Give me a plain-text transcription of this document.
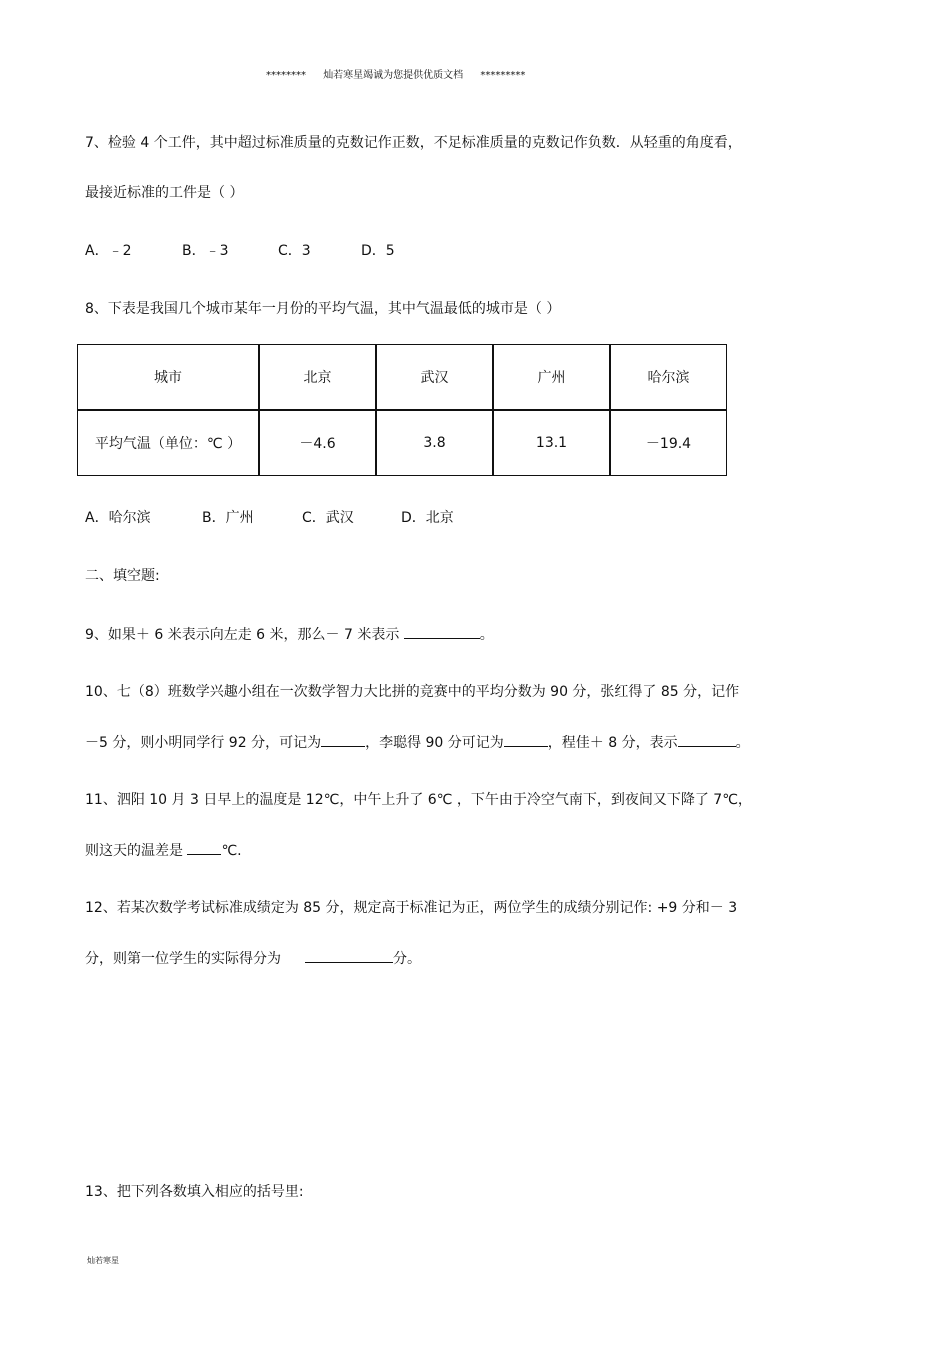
******** 灿若寒星竭诚为您提供优质文档 *********
7、检验 4 个工件，其中超过标准质量的克数记作正数，不足标准质量的克数记作负数．从轻重的角度看，
最接近标准的工件是（ ）
A．﹣2	B．﹣3	C．3	D．5
8、下表是我国几个城市某年一月份的平均气温，其中气温最低的城市是（ ）
城市	北京	武汉	广州	哈尔滨
平均气温（单位：℃ ）	－4.6	3.8	13.1	－19.4
A．哈尔滨	B．广州	C．武汉	D．北京
二、填空题:
9、如果＋ 6 米表示向左走 6 米，那么－ 7 米表示	。
10、七（8）班数学兴趣小组在一次数学智力大比拼的竞赛中的平均分数为 90 分，张红得了 85 分，记作
－5 分，则小明同学行 92 分，可记为	，李聪得 90 分可记为	，程佳＋ 8 分，表示	。
11、泗阳 10 月 3 日早上的温度是 12℃，中午上升了 6℃ ，下午由于冷空气南下，到夜间又下降了 7℃，
则这天的温差是 ℃.
12、若某次数学考试标准成绩定为 85 分，规定高于标准记为正，两位学生的成绩分别记作: +9 分和－ 3
分，则第一位学生的实际得分为	分。
13、把下列各数填入相应的括号里:
灿若寒星
